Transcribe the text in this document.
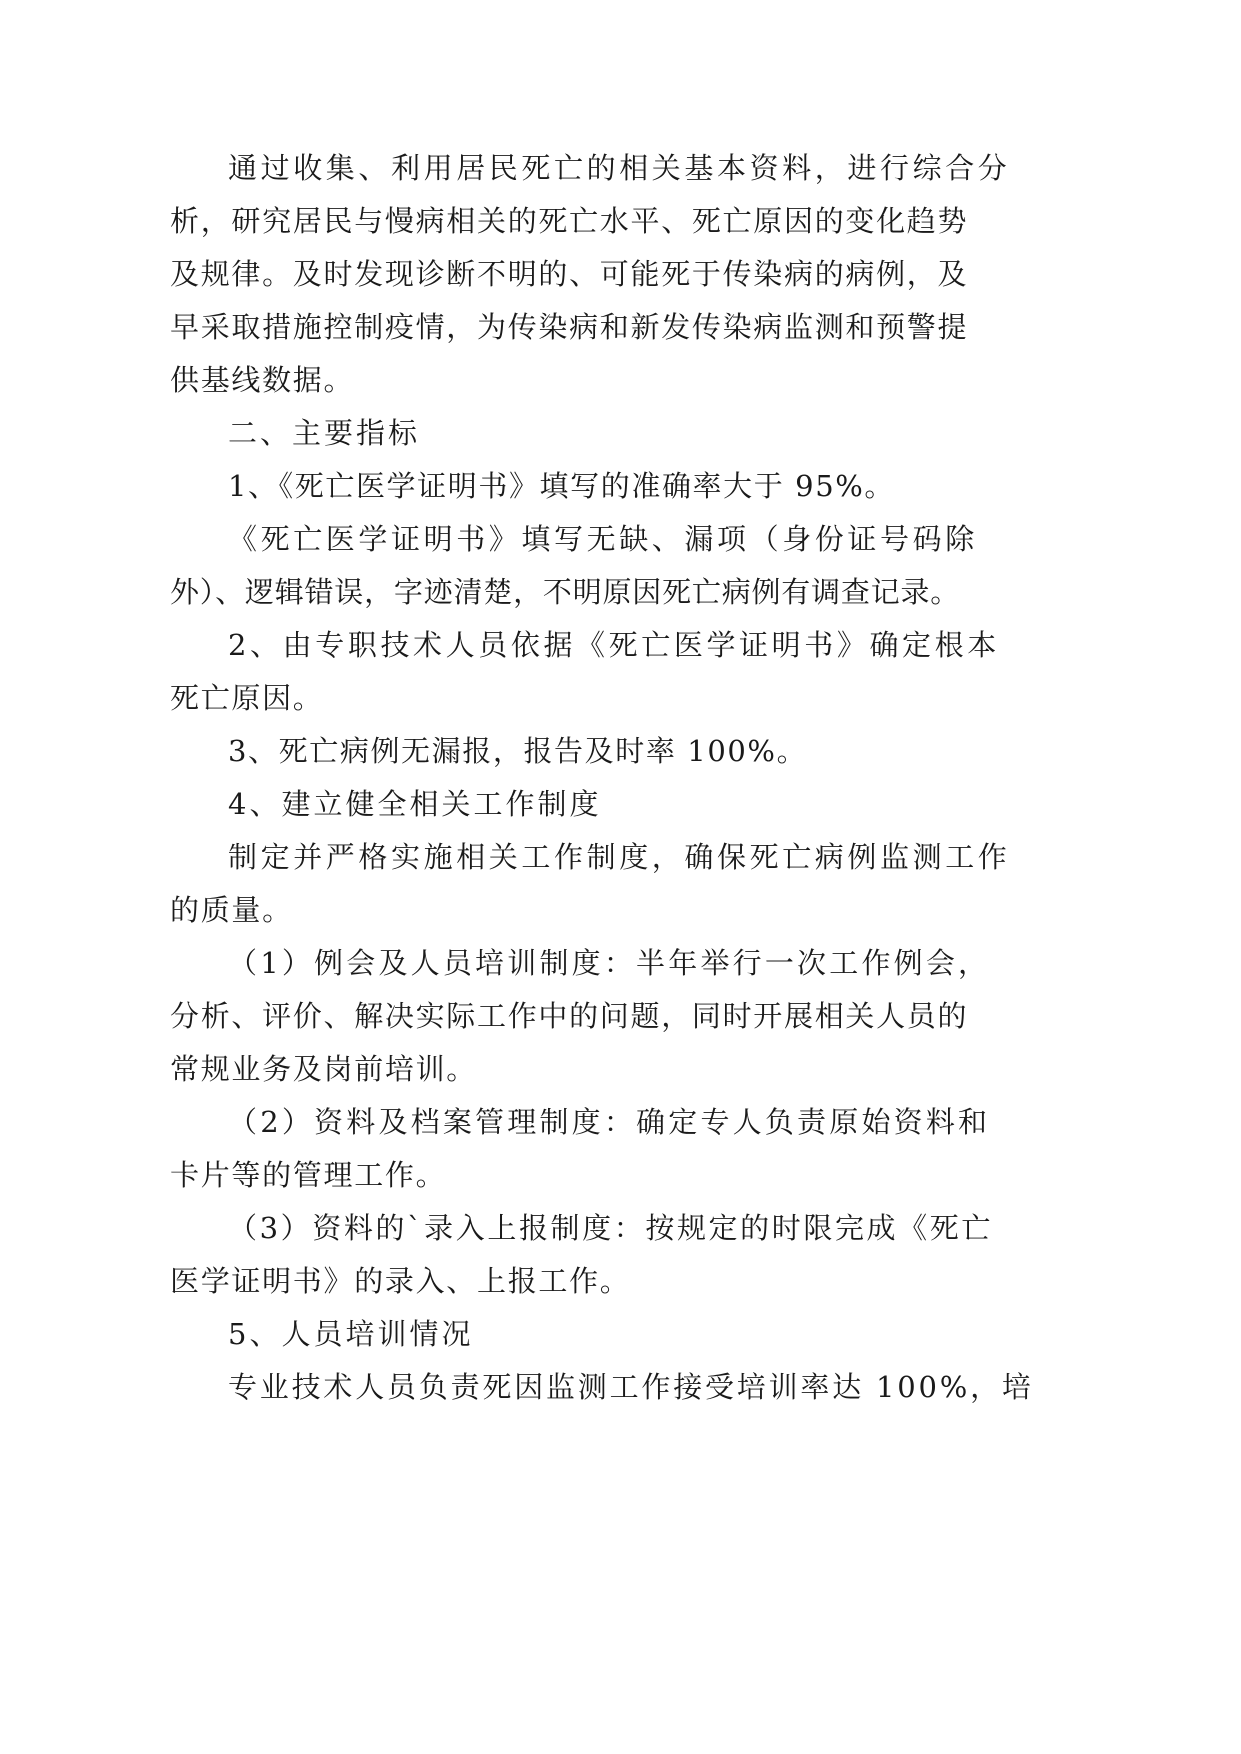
通过收集、利用居民死亡的相关基本资料，进行综合分
析，研究居民与慢病相关的死亡水平、死亡原因的变化趋势
及规律。及时发现诊断不明的、可能死于传染病的病例，及
早采取措施控制疫情，为传染病和新发传染病监测和预警提
供基线数据。
二、主要指标
1、《死亡医学证明书》填写的准确率大于 95%。
《死亡医学证明书》填写无缺、漏项（身份证号码除
外）、逻辑错误，字迹清楚，不明原因死亡病例有调查记录。
2、由专职技术人员依据《死亡医学证明书》确定根本
死亡原因。
3、死亡病例无漏报，报告及时率 100%。
4、建立健全相关工作制度
制定并严格实施相关工作制度，确保死亡病例监测工作
的质量。
（1）例会及人员培训制度：半年举行一次工作例会，
分析、评价、解决实际工作中的问题，同时开展相关人员的
常规业务及岗前培训。
（2）资料及档案管理制度：确定专人负责原始资料和
卡片等的管理工作。
（3）资料的`录入上报制度：按规定的时限完成《死亡
医学证明书》的录入、上报工作。
5、人员培训情况
专业技术人员负责死因监测工作接受培训率达 100%，培
